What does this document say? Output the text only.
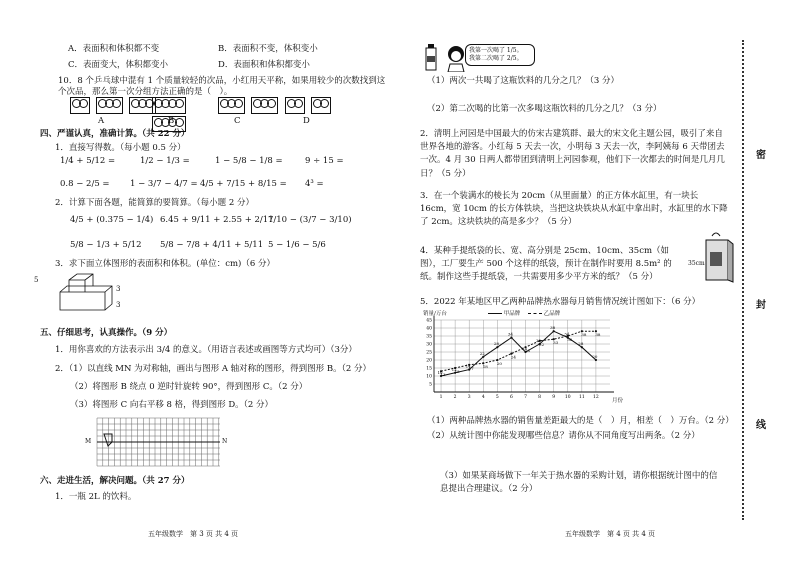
A．表面积和体积都不变	B．表面积不变，体积变小
C．表面变大，体积都变小	D．表面积和体积都变小
10．8 个乒乓球中混有 1 个质量较轻的次品，小红用天平称，如果用较少的次数找到这个次品，那么第一次分组方法正确的是（　）。

A	B	C	D
四、严谨认真，准确计算。（共 22 分）
1．直接写得数。（每小题 0.5 分）
1/4 + 5/12 =	1/2 − 1/3 =	1 − 5/8 − 1/8 =	9 ÷ 15 =
0.8 − 2/5 = 1 − 3/7 − 4/7 = 4/5 + 7/15 + 8/15 = 4³ =
2．计算下面各题，能简算的要简算。（每小题 2 分）
4/5 + (0.375 − 1/4) 6.45 + 9/11 + 2.55 + 2/11
7/10 − (3/7 − 3/10)
5/8 − 1/3 + 5/12 5/8 − 7/8 + 4/11 + 5/11 5 − 1/6 − 5/6
3．求下面立体图形的表面积和体积。(单位：cm)（6 分）
5
3
3
五、仔细思考，认真操作。（9 分）
1．用你喜欢的方法表示出 3/4 的意义。（用语言表述或画图等方式均可）（3分）
2．（1）以直线 MN 为对称轴，画出与图形 A 轴对称的图形，得到图形 B。（2 分）
（2）将图形 B 绕点 0 逆时针旋转 90°，得到图形 C。（2 分）
（3）将图形 C 向右平移 8 格，得到图形 D。（2 分）
M	N
六、走进生活，解决问题。（共 27 分）
1．一瓶 2L 的饮料。
五年级数学　第 3 页 共 4 页
我第一次喝了 1/5。
我第二次喝了 2/5。
（1）两次一共喝了这瓶饮料的几分之几？（3 分）
（2）第二次喝的比第一次多喝这瓶饮料的几分之几？（3 分）
2．清明上河园是中国最大的仿宋古建筑群、最大的宋文化主题公园，吸引了来自世界各地的游客。小红每 5 天去一次，小明每 3 天去一次，李阿姨每 6 天带团去一次。4 月 30 日两人都带团到清明上河园参观，他们下一次都去的时间是几月几日？（5 分）
3．在一个装满水的棱长为 20cm（从里面量）的正方体水缸里，有一块长 16cm，宽 10cm 的长方体铁块，当把这块铁块从水缸中拿出时，水缸里的水下降了 2cm。这块铁块的高是多少？（5 分）
4．某种手提纸袋的长、宽、高分别是 25cm、10cm、35cm（如图），工厂要生产 500 个这样的纸袋，预计在制作时要用 8.5m² 的纸。制作这些手提纸袋，一共需要用多少平方米的纸？（5 分）
35cm
5．2022 年某地区甲乙两种品牌热水器每月销售情况统计图如下：（6 分）
5
10
15
20
25
30
35
40
45
1 2 3 4 5 6 7 8 9 10 11 12
10
12
14
22
28
34
25
30
38
34
28
20
13
15
17 18
20
24
28
32 33
35
38 38
销量/万台
月份
甲品牌	乙品牌
（1）两种品牌热水器的销售量差距最大的是（　）月，相差（　）万台。（2 分）
（2）从统计图中你能发现哪些信息？请你从不同角度写出两条。（2 分）
（3）如果某商场做下一年关于热水器的采购计划，请你根据统计图中的信息提出合理建议。（2 分）
五年级数学　第 4 页 共 4 页
密
封
线
